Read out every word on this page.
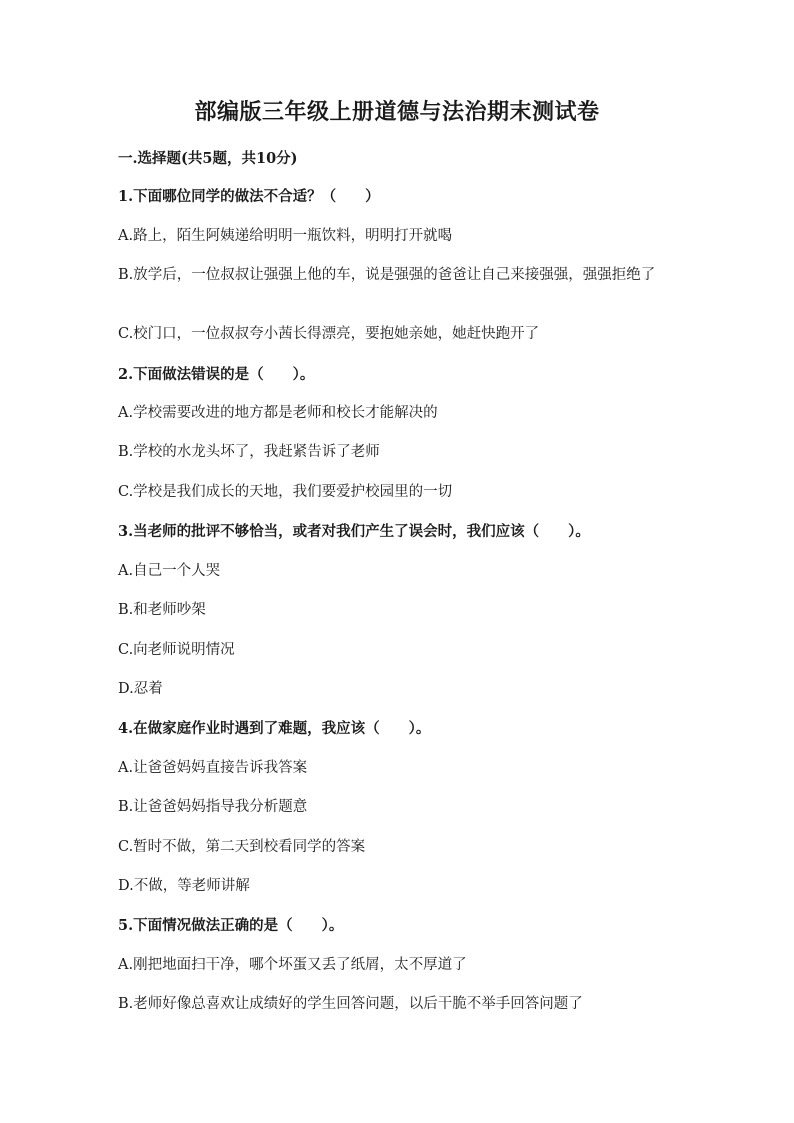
部编版三年级上册道德与法治期末测试卷
一.选择题(共5题，共10分)
1.下面哪位同学的做法不合适？（　　）
A.路上，陌生阿姨递给明明一瓶饮料，明明打开就喝
B.放学后，一位叔叔让强强上他的车，说是强强的爸爸让自己来接强强，强强拒绝了
C.校门口，一位叔叔夸小茜长得漂亮，要抱她亲她，她赶快跑开了
2.下面做法错误的是（　　）。
A.学校需要改进的地方都是老师和校长才能解决的
B.学校的水龙头坏了，我赶紧告诉了老师
C.学校是我们成长的天地，我们要爱护校园里的一切
3.当老师的批评不够恰当，或者对我们产生了误会时，我们应该（　　）。
A.自己一个人哭
B.和老师吵架
C.向老师说明情况
D.忍着
4.在做家庭作业时遇到了难题，我应该（　　）。
A.让爸爸妈妈直接告诉我答案
B.让爸爸妈妈指导我分析题意
C.暂时不做，第二天到校看同学的答案
D.不做，等老师讲解
5.下面情况做法正确的是（　　）。
A.刚把地面扫干净，哪个坏蛋又丢了纸屑，太不厚道了
B.老师好像总喜欢让成绩好的学生回答问题，以后干脆不举手回答问题了
